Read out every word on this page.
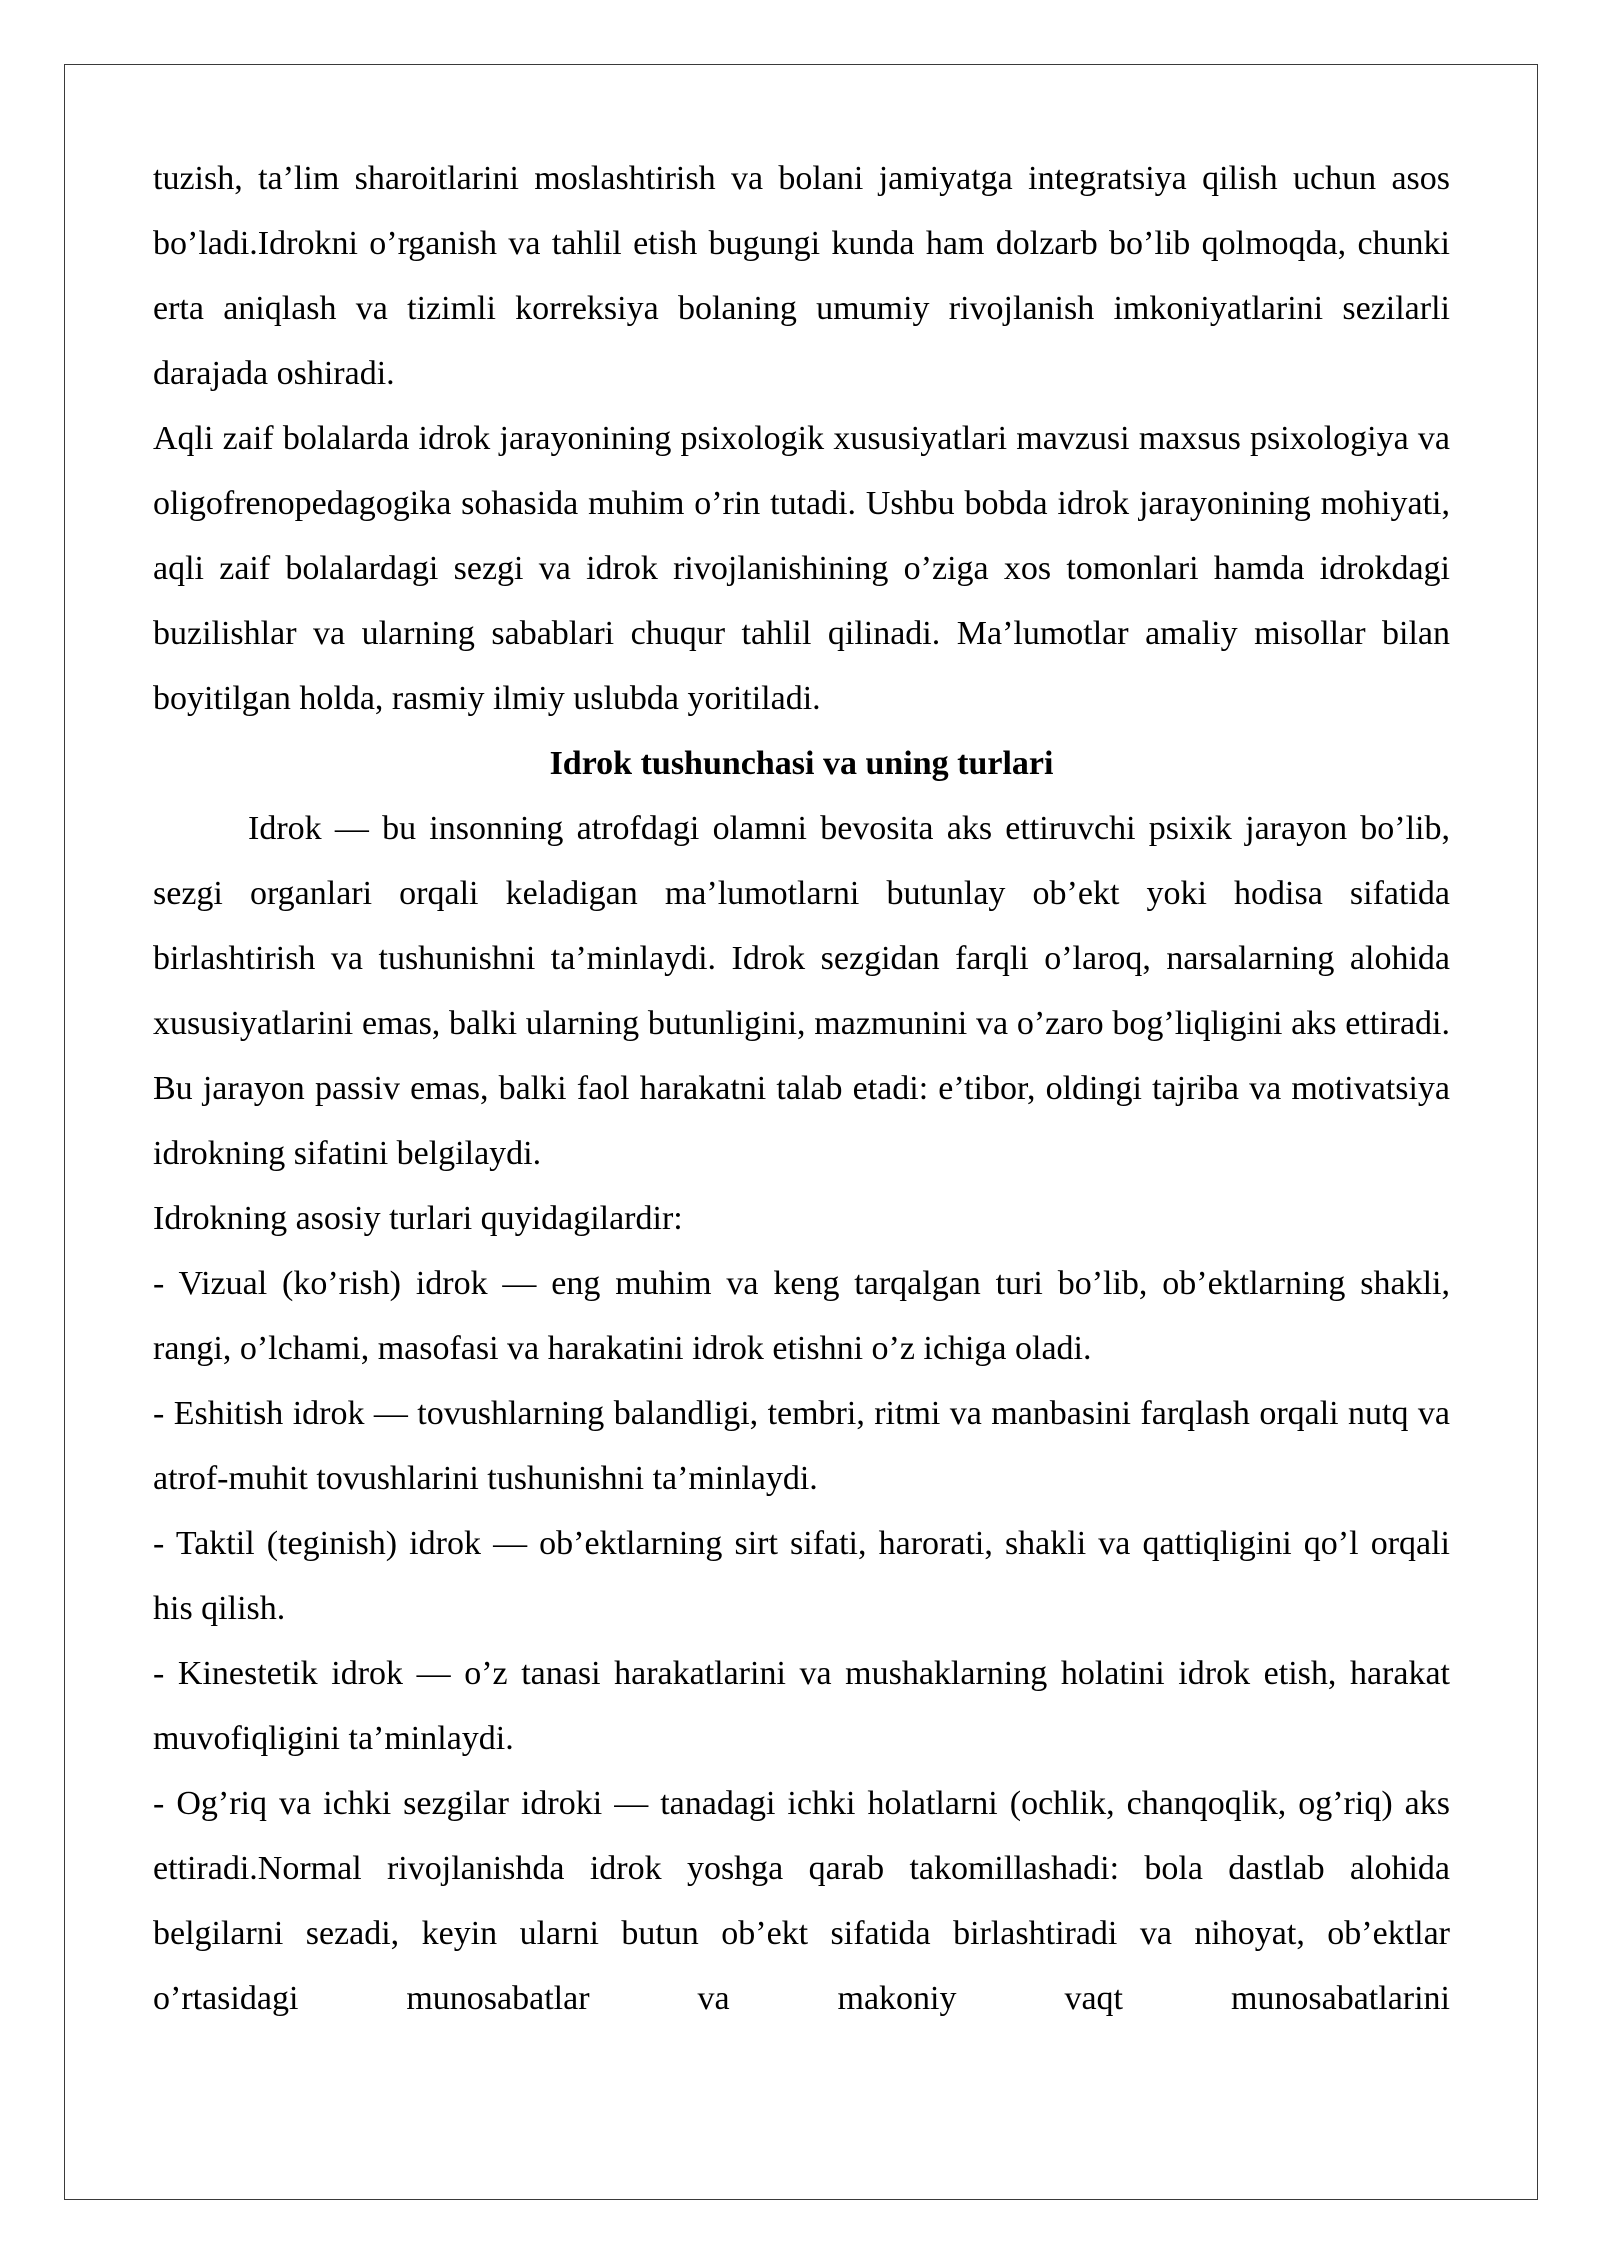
tuzish, ta’lim sharoitlarini moslashtirish va bolani jamiyatga integratsiya qilish uchun asos bo’ladi.Idrokni o’rganish va tahlil etish bugungi kunda ham dolzarb bo’lib qolmoqda, chunki erta aniqlash va tizimli korreksiya bolaning umumiy rivojlanish imkoniyatlarini sezilarli darajada oshiradi.

Aqli zaif bolalarda idrok jarayonining psixologik xususiyatlari mavzusi maxsus psixologiya va oligofrenopedagogika sohasida muhim o’rin tutadi. Ushbu bobda idrok jarayonining mohiyati, aqli zaif bolalardagi sezgi va idrok rivojlanishining o’ziga xos tomonlari hamda idrokdagi buzilishlar va ularning sabablari chuqur tahlil qilinadi. Ma’lumotlar amaliy misollar bilan boyitilgan holda, rasmiy ilmiy uslubda yoritiladi.

Idrok tushunchasi va uning turlari

Idrok — bu insonning atrofdagi olamni bevosita aks ettiruvchi psixik jarayon bo’lib, sezgi organlari orqali keladigan ma’lumotlarni butunlay ob’ekt yoki hodisa sifatida birlashtirish va tushunishni ta’minlaydi. Idrok sezgidan farqli o’laroq, narsalarning alohida xususiyatlarini emas, balki ularning butunligini, mazmunini va o’zaro bog’liqligini aks ettiradi. Bu jarayon passiv emas, balki faol harakatni talab etadi: e’tibor, oldingi tajriba va motivatsiya idrokning sifatini belgilaydi.

Idrokning asosiy turlari quyidagilardir:

- Vizual (ko’rish) idrok — eng muhim va keng tarqalgan turi bo’lib, ob’ektlarning shakli, rangi, o’lchami, masofasi va harakatini idrok etishni o’z ichiga oladi.

- Eshitish idrok — tovushlarning balandligi, tembri, ritmi va manbasini farqlash orqali nutq va atrof-muhit tovushlarini tushunishni ta’minlaydi.

- Taktil (teginish) idrok — ob’ektlarning sirt sifati, harorati, shakli va qattiqligini qo’l orqali his qilish.

- Kinestetik idrok — o’z tanasi harakatlarini va mushaklarning holatini idrok etish, harakat muvofiqligini ta’minlaydi.

- Og’riq va ichki sezgilar idroki — tanadagi ichki holatlarni (ochlik, chanqoqlik, og’riq) aks ettiradi.Normal rivojlanishda idrok yoshga qarab takomillashadi: bola dastlab alohida belgilarni sezadi, keyin ularni butun ob’ekt sifatida birlashtiradi va nihoyat, ob’ektlar o’rtasidagi munosabatlar va makoniy vaqt munosabatlarini
